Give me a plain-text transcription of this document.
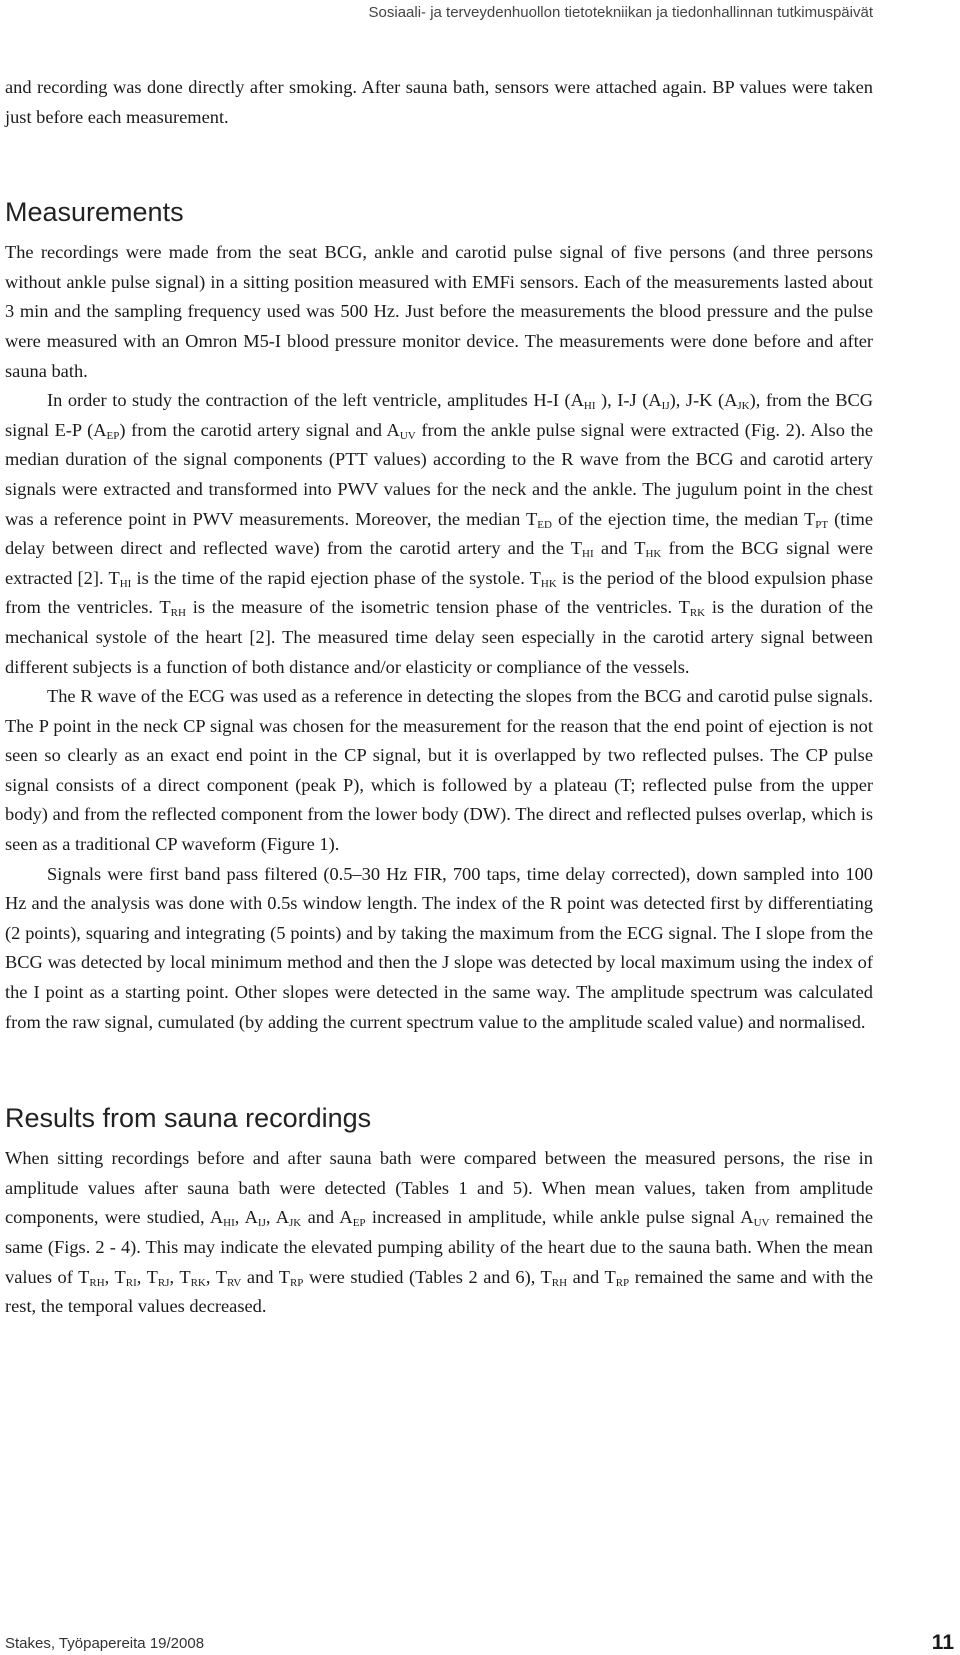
Sosiaali- ja terveydenhuollon tietotekniikan ja tiedonhallinnan tutkimuspäivät

and recording was done directly after smoking. After sauna bath, sensors were attached again. BP values were taken just before each measurement.

Measurements

The recordings were made from the seat BCG, ankle and carotid pulse signal of five persons (and three persons without ankle pulse signal) in a sitting position measured with EMFi sensors. Each of the measurements lasted about 3 min and the sampling frequency used was 500 Hz. Just before the measurements the blood pressure and the pulse were measured with an Omron M5-I blood pressure monitor device. The measurements were done before and after sauna bath.

In order to study the contraction of the left ventricle, amplitudes H-I ($A_{HI}$ ), I-J $(A_{IJ})$, J-K $(A_{JK})$, from the BCG signal E-P $(A_{EP})$ from the carotid artery signal and $A_{UV}$ from the ankle pulse signal were extracted (Fig. 2). Also the median duration of the signal components (PTT values) according to the R wave from the BCG and carotid artery signals were extracted and transformed into PWV values for the neck and the ankle. The jugulum point in the chest was a reference point in PWV measurements. Moreover, the median $T_{ED}$ of the ejection time, the median $T_{PT}$ (time delay between direct and reflected wave) from the carotid artery and the $T_{HI}$ and $T_{HK}$ from the BCG signal were extracted [2]. $T_{HI}$ is the time of the rapid ejection phase of the systole. $T_{HK}$ is the period of the blood expulsion phase from the ventricles. $T_{RH}$ is the measure of the isometric tension phase of the ventricles. $T_{RK}$ is the duration of the mechanical systole of the heart [2]. The measured time delay seen especially in the carotid artery signal between different subjects is a function of both distance and/or elasticity or compliance of the vessels.

The R wave of the ECG was used as a reference in detecting the slopes from the BCG and carotid pulse signals. The P point in the neck CP signal was chosen for the measurement for the reason that the end point of ejection is not seen so clearly as an exact end point in the CP signal, but it is overlapped by two reflected pulses. The CP pulse signal consists of a direct component (peak P), which is followed by a plateau (T; reflected pulse from the upper body) and from the reflected component from the lower body (DW). The direct and reflected pulses overlap, which is seen as a traditional CP waveform (Figure 1).

Signals were first band pass filtered (0.5–30 Hz FIR, 700 taps, time delay corrected), down sampled into 100 Hz and the analysis was done with 0.5s window length. The index of the R point was detected first by differentiating (2 points), squaring and integrating (5 points) and by taking the maximum from the ECG signal. The I slope from the BCG was detected by local minimum method and then the J slope was detected by local maximum using the index of the I point as a starting point. Other slopes were detected in the same way. The amplitude spectrum was calculated from the raw signal, cumulated (by adding the current spectrum value to the amplitude scaled value) and normalised.

Results from sauna recordings

When sitting recordings before and after sauna bath were compared between the measured persons, the rise in amplitude values after sauna bath were detected (Tables 1 and 5). When mean values, taken from amplitude components, were studied, $A_{HI}$, $A_{IJ}$, $A_{JK}$ and $A_{EP}$ increased in amplitude, while ankle pulse signal $A_{UV}$ remained the same (Figs. 2 - 4). This may indicate the elevated pumping ability of the heart due to the sauna bath. When the mean values of $T_{RH}$, $T_{RI}$, $T_{RJ}$, $T_{RK}$, $T_{RV}$ and $T_{RP}$ were studied (Tables 2 and 6), $T_{RH}$ and $T_{RP}$ remained the same and with the rest, the temporal values decreased.

Stakes, Työpapereita 19/2008	11
